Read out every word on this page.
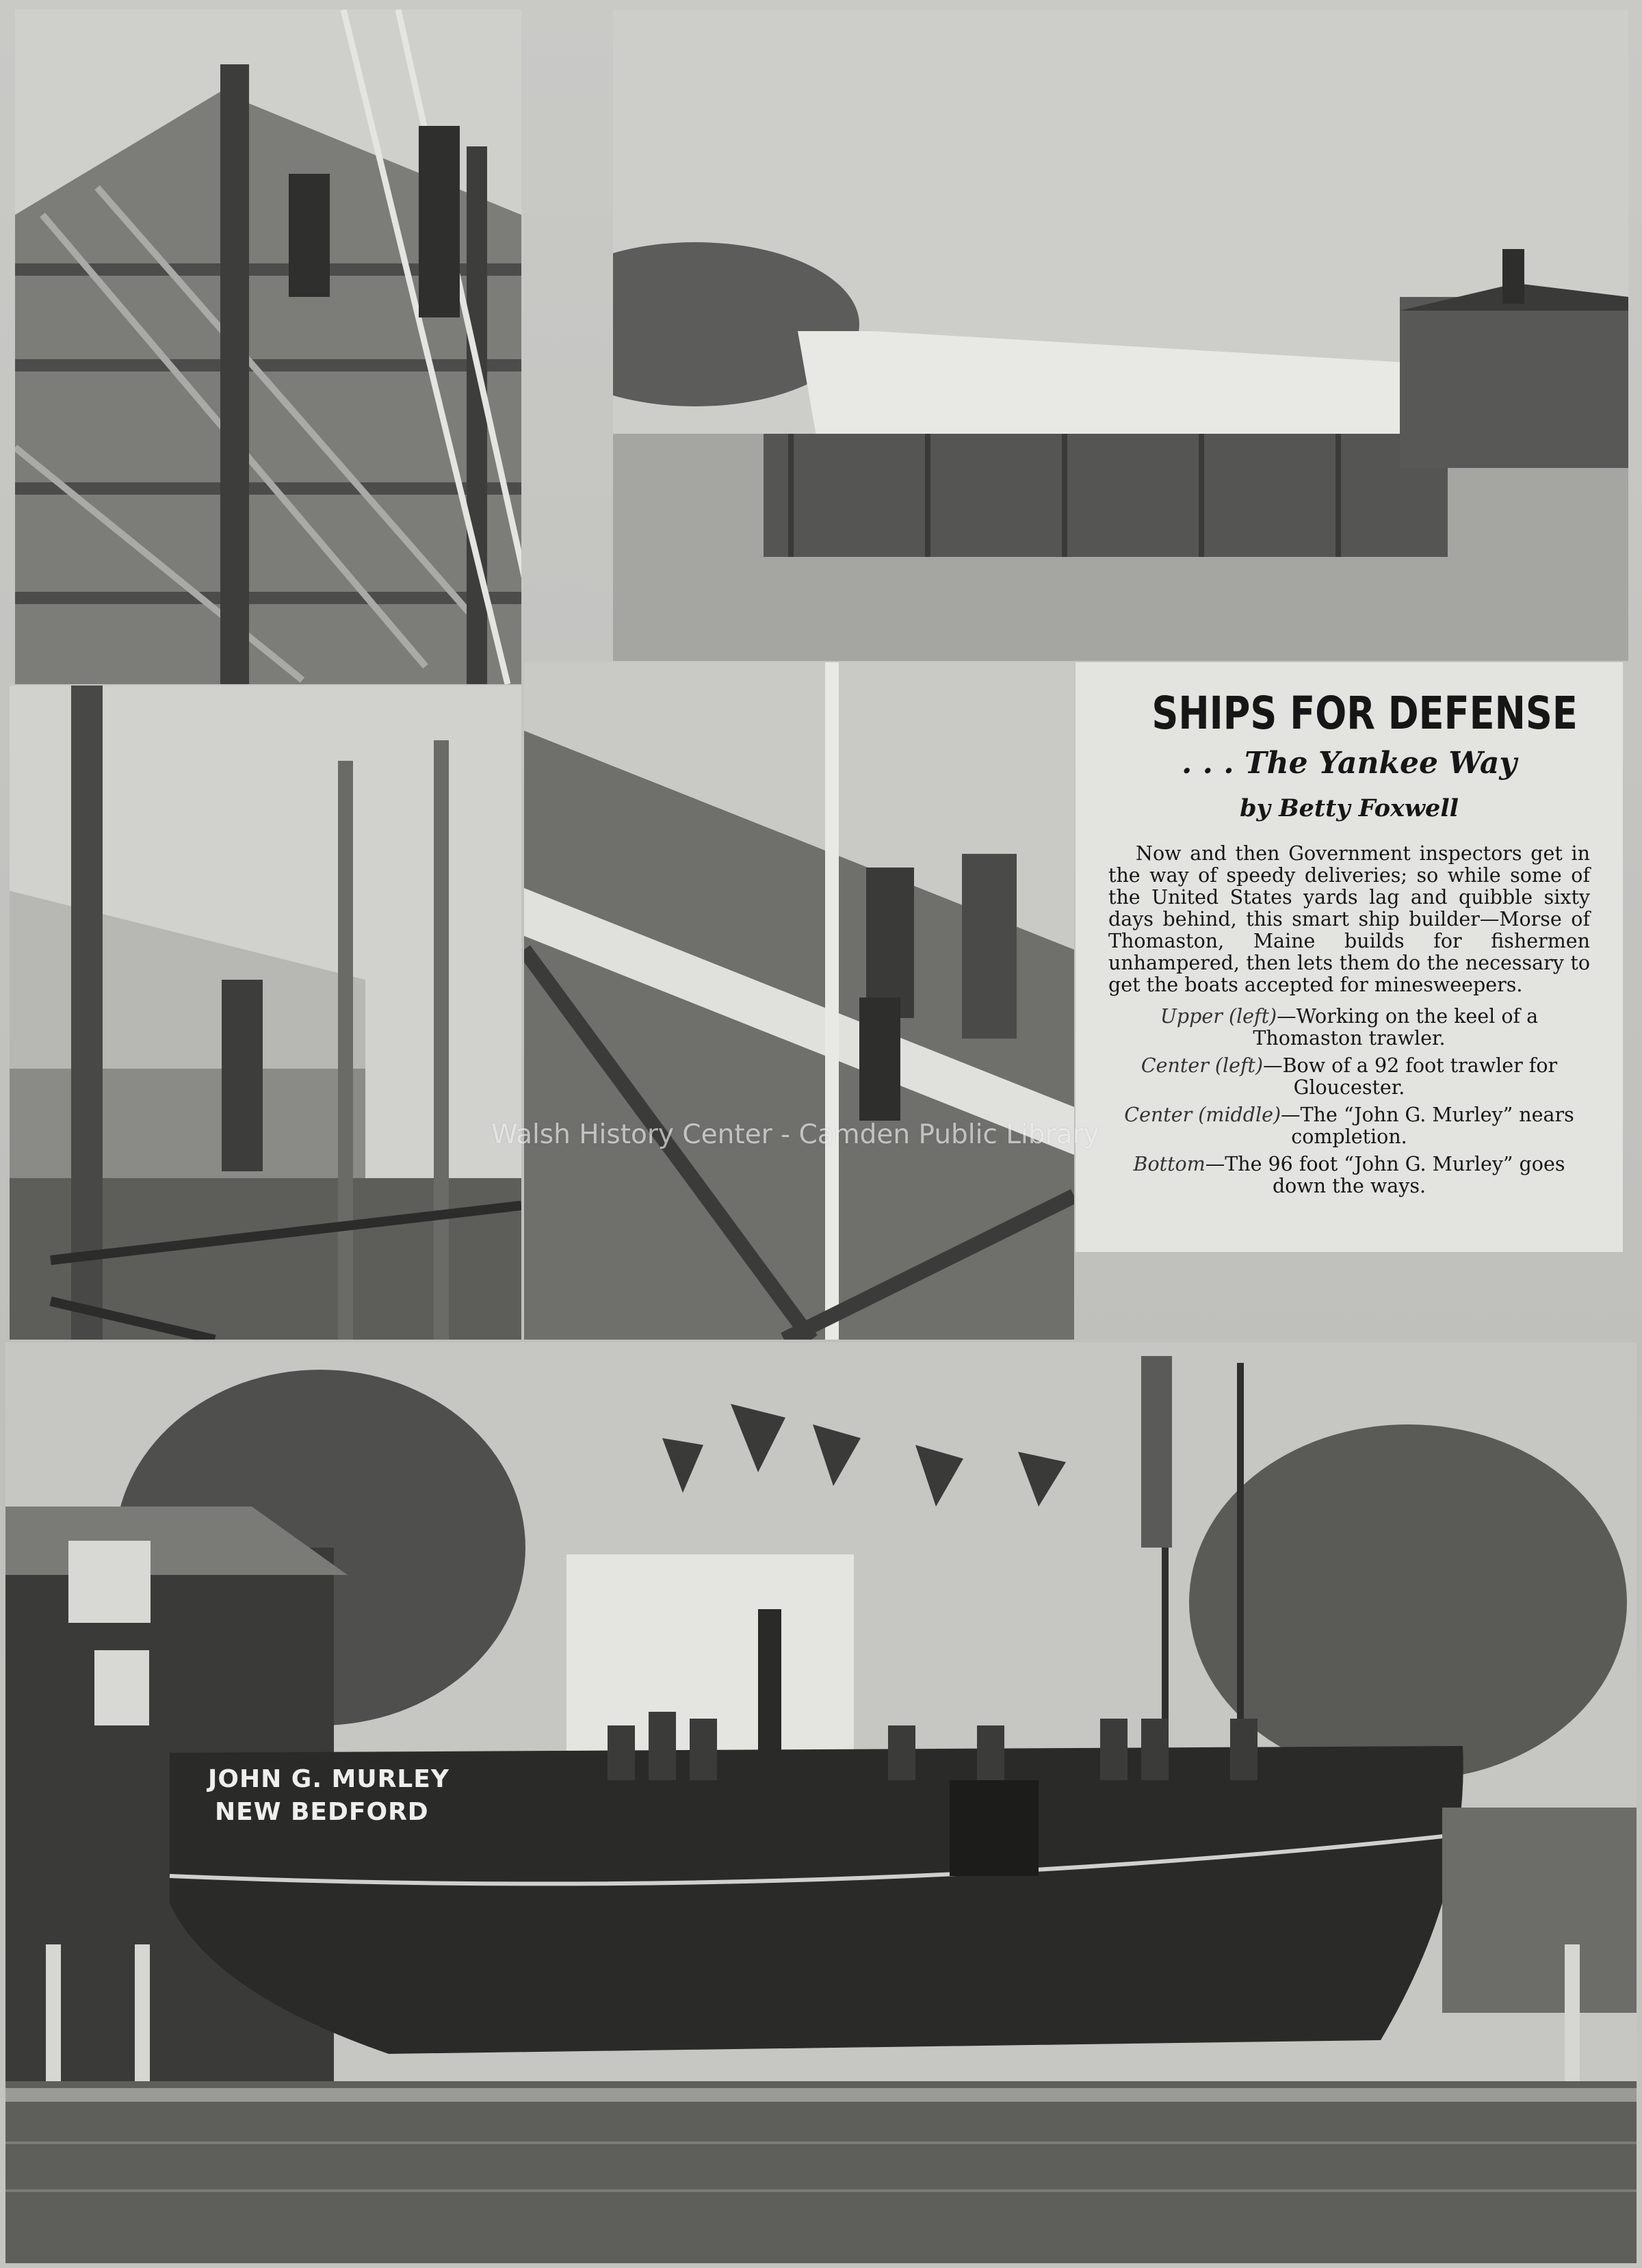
SHIPS FOR DEFENSE
. . . The Yankee Way
by Betty Foxwell
Now and then Government inspectors get in the way of speedy deliveries; so while some of the United States yards lag and quibble sixty days behind, this smart ship builder—Morse of Thomaston, Maine builds for fishermen unhampered, then lets them do the necessary to get the boats accepted for minesweepers.
Upper (left)—Working on the keel of a Thomaston trawler.
Center (left)—Bow of a 92 foot trawler for Gloucester.
Center (middle)—The “John G. Murley” nears completion.
Bottom—The 96 foot “John G. Murley” goes down the ways.
JOHN G. MURLEY
NEW BEDFORD
Walsh History Center - Camden Public Library
